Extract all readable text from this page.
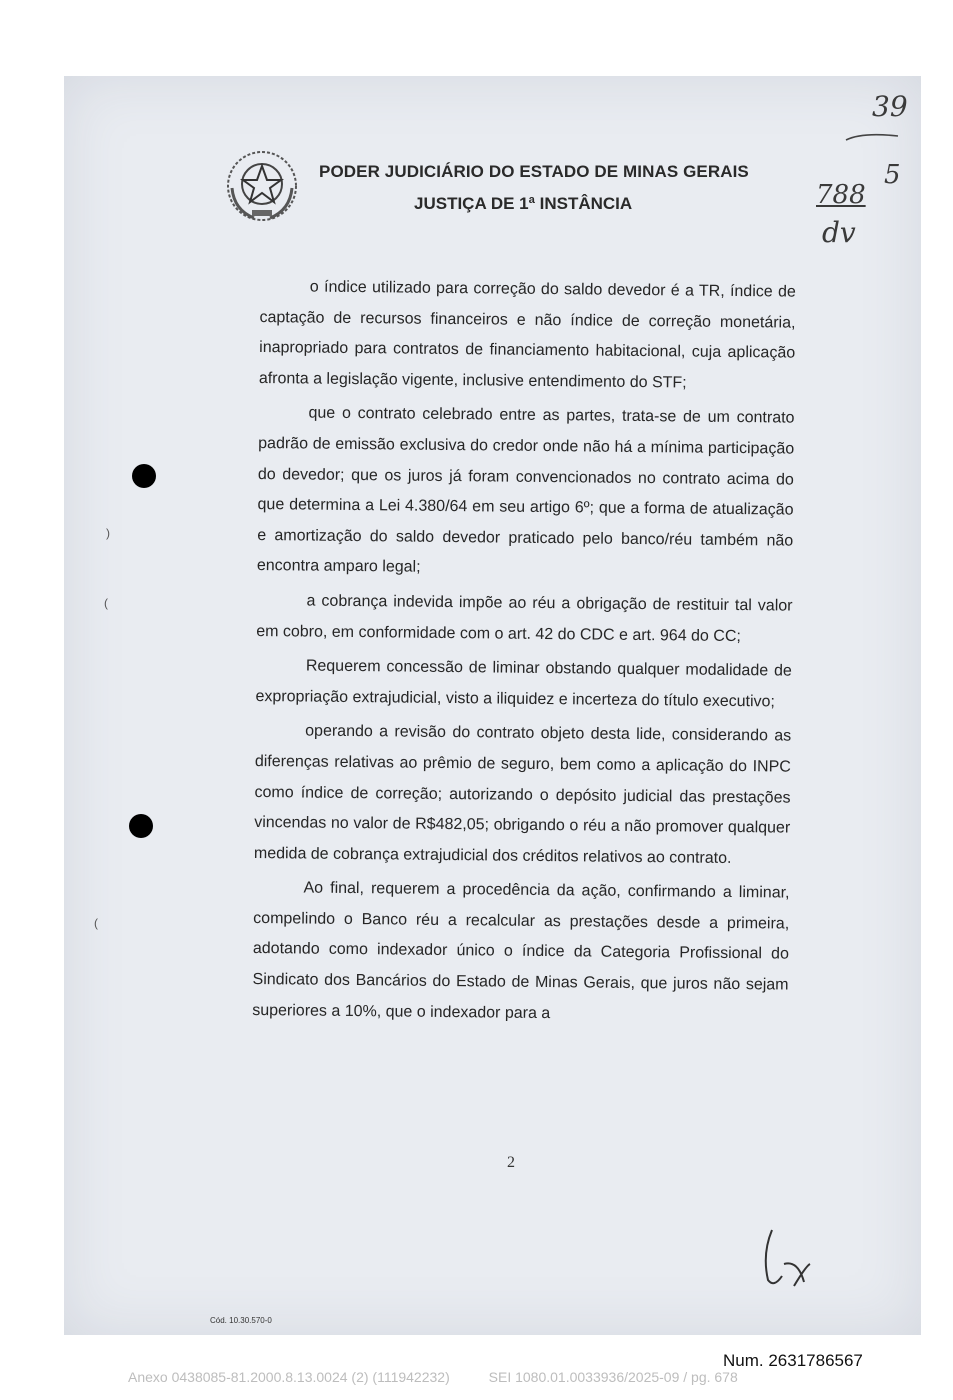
PODER JUDICIÁRIO DO ESTADO DE MINAS GERAIS
JUSTIÇA DE 1ª INSTÂNCIA
39
5
788
dv
)
(
(

o índice utilizado para correção do saldo devedor é a TR, índice de captação de recursos financeiros e não índice de correção monetária, inapropriado para contratos de financiamento habitacional, cuja aplicação afronta a legislação vigente, inclusive entendimento do STF;

que o contrato celebrado entre as partes, trata-se de um contrato padrão de emissão exclusiva do credor onde não há a mínima participação do devedor; que os juros já foram convencionados no contrato acima do que determina a Lei 4.380/64 em seu artigo 6º; que a forma de atualização e amortização do saldo devedor praticado pelo banco/réu também não encontra amparo legal;

a cobrança indevida impõe ao réu a obrigação de restituir tal valor em cobro, em conformidade com o art. 42 do CDC e art. 964 do CC;

Requerem concessão de liminar obstando qualquer modalidade de expropriação extrajudicial, visto a iliquidez e incerteza do título executivo;

operando a revisão do contrato objeto desta lide, considerando as diferenças relativas ao prêmio de seguro, bem como a aplicação do INPC como índice de correção; autorizando o depósito judicial das prestações vincendas no valor de R$482,05; obrigando o réu a não promover qualquer medida de cobrança extrajudicial dos créditos relativos ao contrato.

Ao final, requerem a procedência da ação, confirmando a liminar, compelindo o Banco réu a recalcular as prestações desde a primeira, adotando como indexador único o índice da Categoria Profissional do Sindicato dos Bancários do Estado de Minas Gerais, que juros não sejam superiores a 10%, que o indexador para a

2
Cód. 10.30.570-0
Num. 2631786567
Anexo 0438085-81.2000.8.13.0024 (2) (111942232)	SEI 1080.01.0033936/2025-09 / pg. 678
